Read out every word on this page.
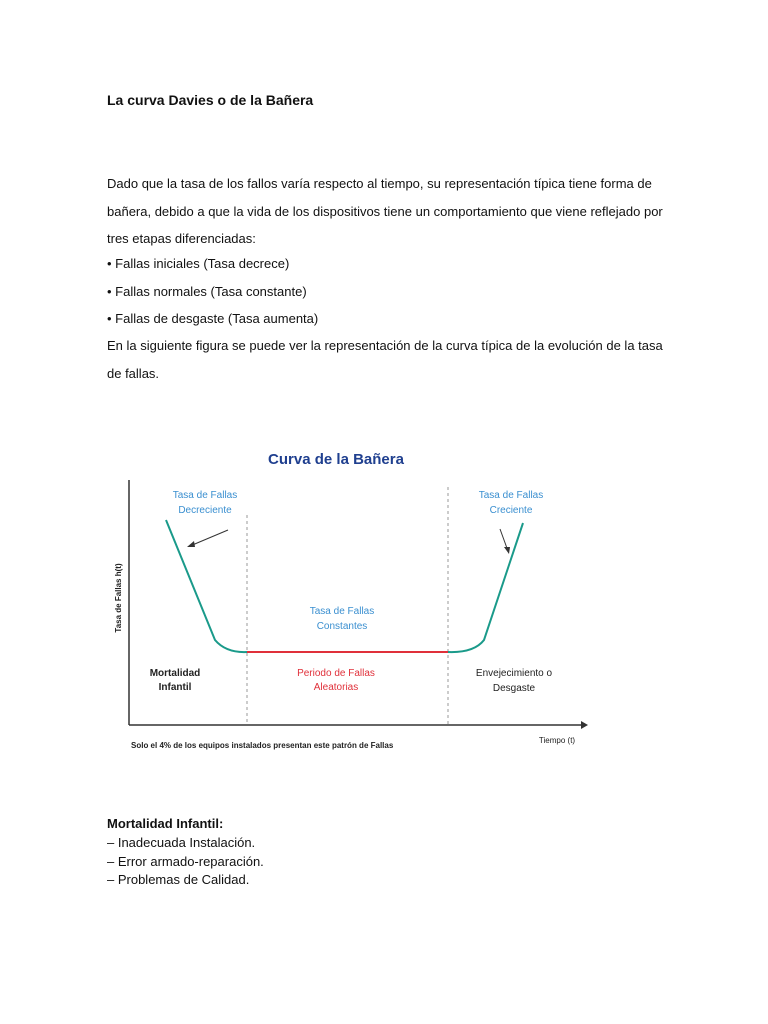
La curva Davies o de la Bañera

Dado que la tasa de los fallos varía respecto al tiempo, su representación típica tiene forma de bañera, debido a que la vida de los dispositivos tiene un comportamiento que viene reflejado por tres etapas diferenciadas:

• Fallas iniciales (Tasa decrece)
• Fallas normales (Tasa constante)
• Fallas de desgaste (Tasa aumenta)

En la siguiente figura se puede ver la representación de la curva típica de la evolución de la tasa de fallas.

Curva de la Bañera
Tasa de Fallas h(t)
Tiempo (t)
Tasa de Fallas
Decreciente
Tasa de Fallas
Constantes
Tasa de Fallas
Creciente
Mortalidad
Infantil
Periodo de Fallas
Aleatorias
Envejecimiento o
Desgaste
Solo el 4% de los equipos instalados presentan este patrón de Fallas
Mortalidad Infantil:
– Inadecuada Instalación.
– Error armado-reparación.
– Problemas de Calidad.
